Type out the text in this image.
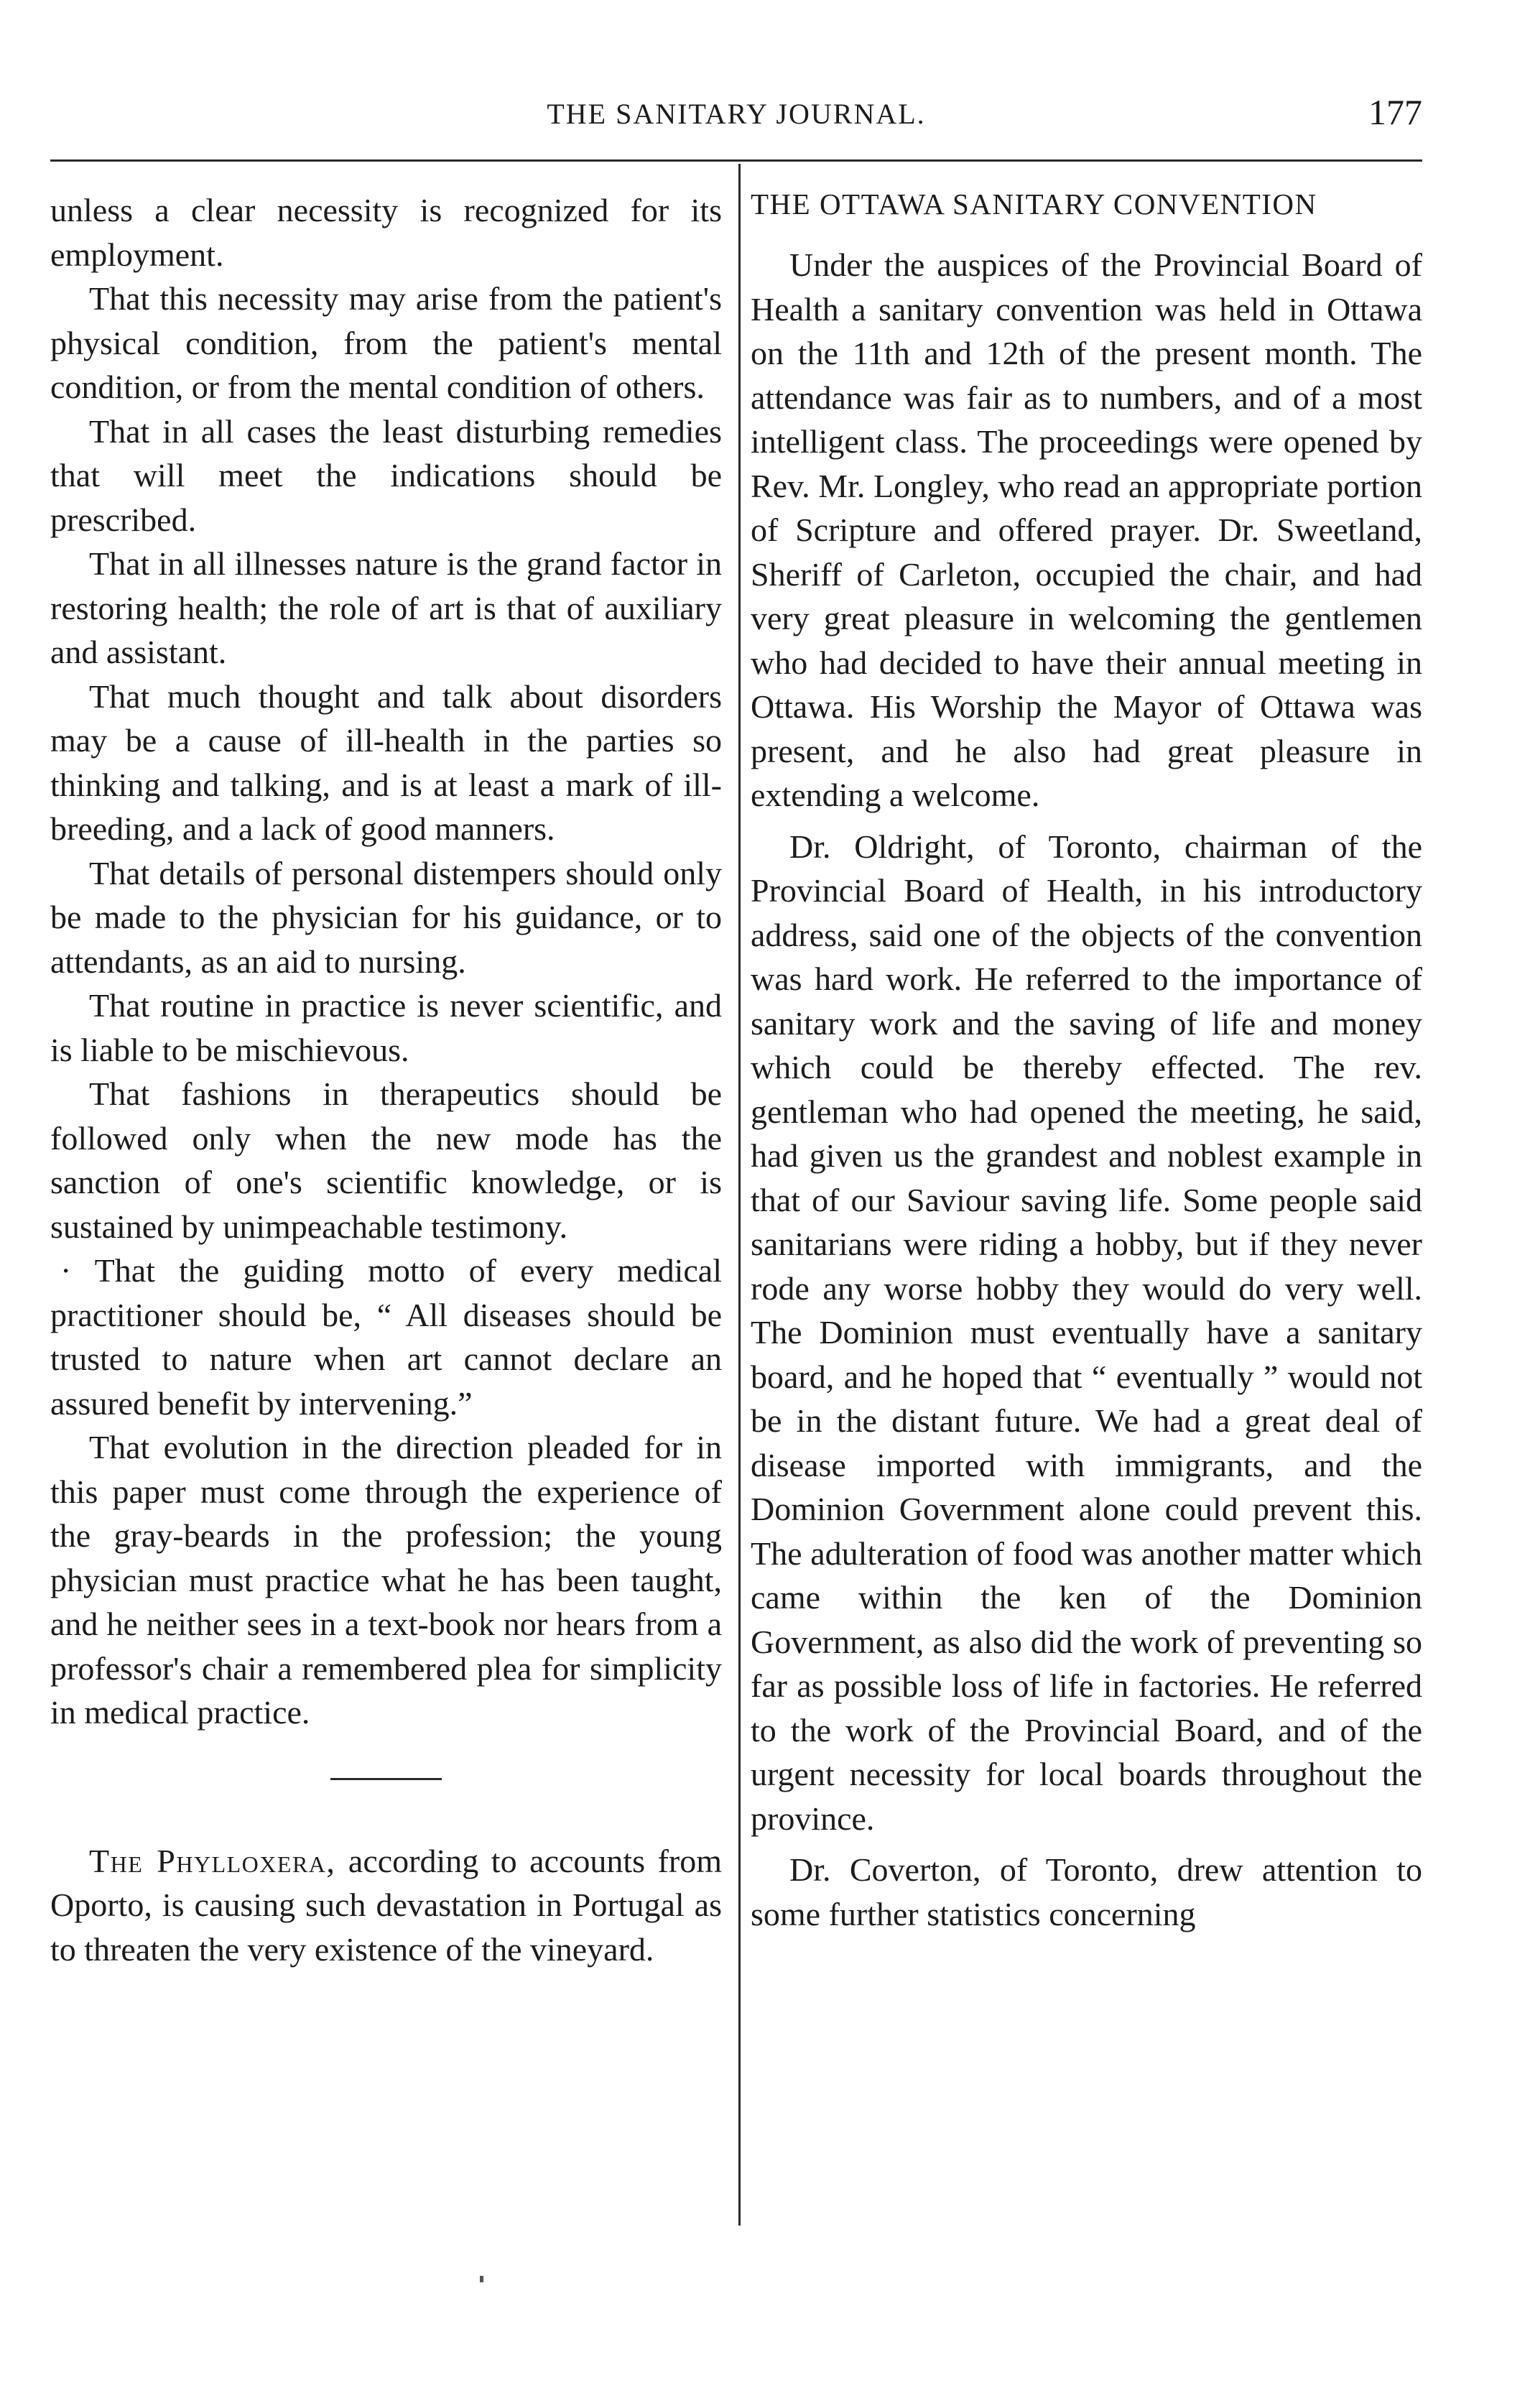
THE SANITARY JOURNAL.	177

unless a clear necessity is recognized for its employment.

That this necessity may arise from the patient's physical condition, from the patient's mental condition, or from the mental condition of others.

That in all cases the least disturbing remedies that will meet the indications should be prescribed.

That in all illnesses nature is the grand factor in restoring health; the role of art is that of auxiliary and assistant.

That much thought and talk about disorders may be a cause of ill-health in the parties so thinking and talking, and is at least a mark of ill-breeding, and a lack of good manners.

That details of personal distempers should only be made to the physician for his guidance, or to attendants, as an aid to nursing.

That routine in practice is never scientific, and is liable to be mischievous.

That fashions in therapeutics should be followed only when the new mode has the sanction of one's scientific knowledge, or is sustained by unimpeachable testimony.

· That the guiding motto of every medical practitioner should be, “ All diseases should be trusted to nature when art cannot declare an assured benefit by intervening.”

That evolution in the direction pleaded for in this paper must come through the experience of the gray-beards in the profession; the young physician must practice what he has been taught, and he neither sees in a text-book nor hears from a professor's chair a remembered plea for simplicity in medical practice.

The Phylloxera, according to accounts from Oporto, is causing such devastation in Portugal as to threaten the very existence of the vineyard.

THE OTTAWA SANITARY CONVENTION

Under the auspices of the Provincial Board of Health a sanitary convention was held in Ottawa on the 11th and 12th of the present month. The attendance was fair as to numbers, and of a most intelligent class. The proceedings were opened by Rev. Mr. Longley, who read an appropriate portion of Scripture and offered prayer. Dr. Sweetland, Sheriff of Carleton, occupied the chair, and had very great pleasure in welcoming the gentlemen who had decided to have their annual meeting in Ottawa. His Worship the Mayor of Ottawa was present, and he also had great pleasure in extending a welcome.

Dr. Oldright, of Toronto, chairman of the Provincial Board of Health, in his introductory address, said one of the objects of the convention was hard work. He referred to the importance of sanitary work and the saving of life and money which could be thereby effected. The rev. gentleman who had opened the meeting, he said, had given us the grandest and noblest example in that of our Saviour saving life. Some people said sanitarians were riding a hobby, but if they never rode any worse hobby they would do very well. The Dominion must eventually have a sanitary board, and he hoped that “ eventually ” would not be in the distant future. We had a great deal of disease imported with immigrants, and the Dominion Government alone could prevent this. The adulteration of food was another matter which came within the ken of the Dominion Government, as also did the work of preventing so far as possible loss of life in factories. He referred to the work of the Provincial Board, and of the urgent necessity for local boards throughout the province.

Dr. Coverton, of Toronto, drew attention to some further statistics concerning
